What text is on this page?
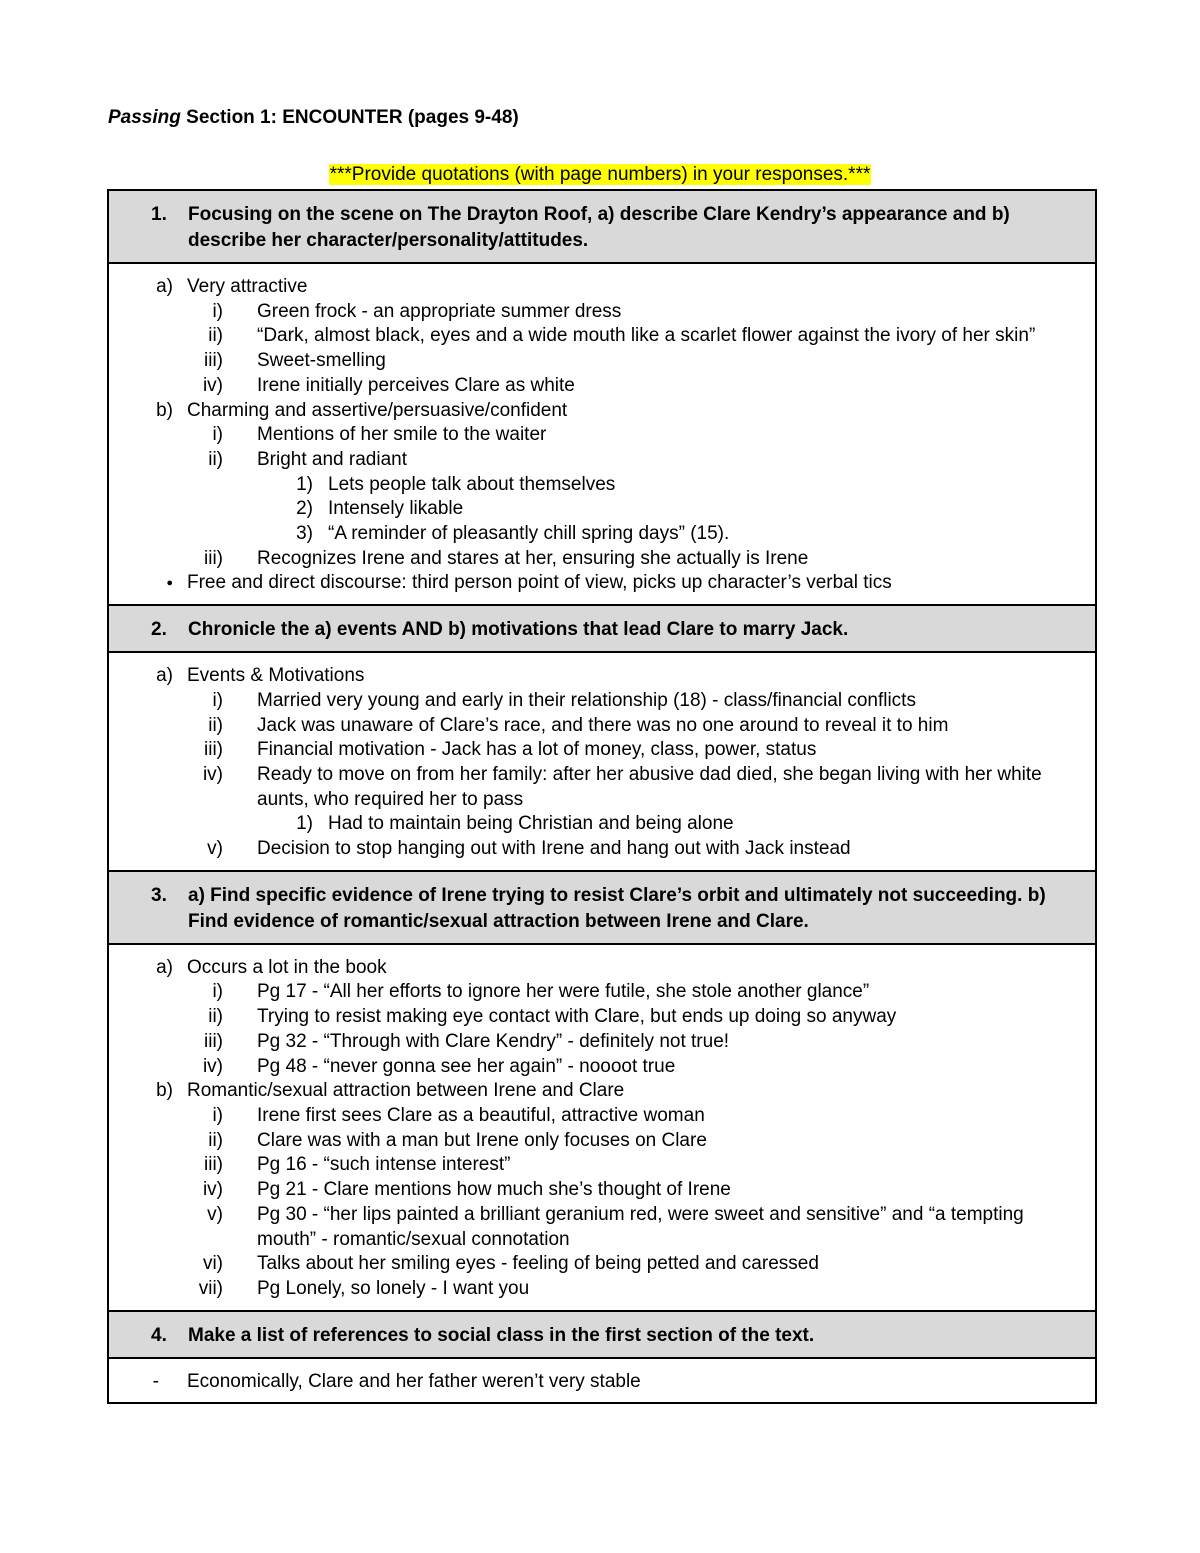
Passing Section 1: ENCOUNTER (pages 9-48)
***Provide quotations (with page numbers) in your responses.***
1. Focusing on the scene on The Drayton Roof, a) describe Clare Kendry’s appearance and b) describe her character/personality/attitudes.

a) Very attractive
i) Green frock - an appropriate summer dress
ii) “Dark, almost black, eyes and a wide mouth like a scarlet flower against the ivory of her skin”
iii) Sweet-smelling
iv) Irene initially perceives Clare as white
b) Charming and assertive/persuasive/confident
i) Mentions of her smile to the waiter
ii) Bright and radiant
1) Lets people talk about themselves
2) Intensely likable
3) “A reminder of pleasantly chill spring days” (15).
iii) Recognizes Irene and stares at her, ensuring she actually is Irene
● Free and direct discourse: third person point of view, picks up character’s verbal tics

2. Chronicle the a) events AND b) motivations that lead Clare to marry Jack.

a) Events & Motivations
i) Married very young and early in their relationship (18) - class/financial conflicts
ii) Jack was unaware of Clare’s race, and there was no one around to reveal it to him
iii) Financial motivation - Jack has a lot of money, class, power, status
iv) Ready to move on from her family: after her abusive dad died, she began living with her white aunts, who required her to pass
1) Had to maintain being Christian and being alone
v) Decision to stop hanging out with Irene and hang out with Jack instead

3. a) Find specific evidence of Irene trying to resist Clare’s orbit and ultimately not succeeding. b) Find evidence of romantic/sexual attraction between Irene and Clare.

a) Occurs a lot in the book
i) Pg 17 - “All her efforts to ignore her were futile, she stole another glance”
ii) Trying to resist making eye contact with Clare, but ends up doing so anyway
iii) Pg 32 - “Through with Clare Kendry” - definitely not true!
iv) Pg 48 - “never gonna see her again” - noooot true
b) Romantic/sexual attraction between Irene and Clare
i) Irene first sees Clare as a beautiful, attractive woman
ii) Clare was with a man but Irene only focuses on Clare
iii) Pg 16 - “such intense interest”
iv) Pg 21 - Clare mentions how much she’s thought of Irene
v) Pg 30 - “her lips painted a brilliant geranium red, were sweet and sensitive” and “a tempting mouth” - romantic/sexual connotation
vi) Talks about her smiling eyes - feeling of being petted and caressed
vii) Pg Lonely, so lonely - I want you

4. Make a list of references to social class in the first section of the text.

- Economically, Clare and her father weren’t very stable
